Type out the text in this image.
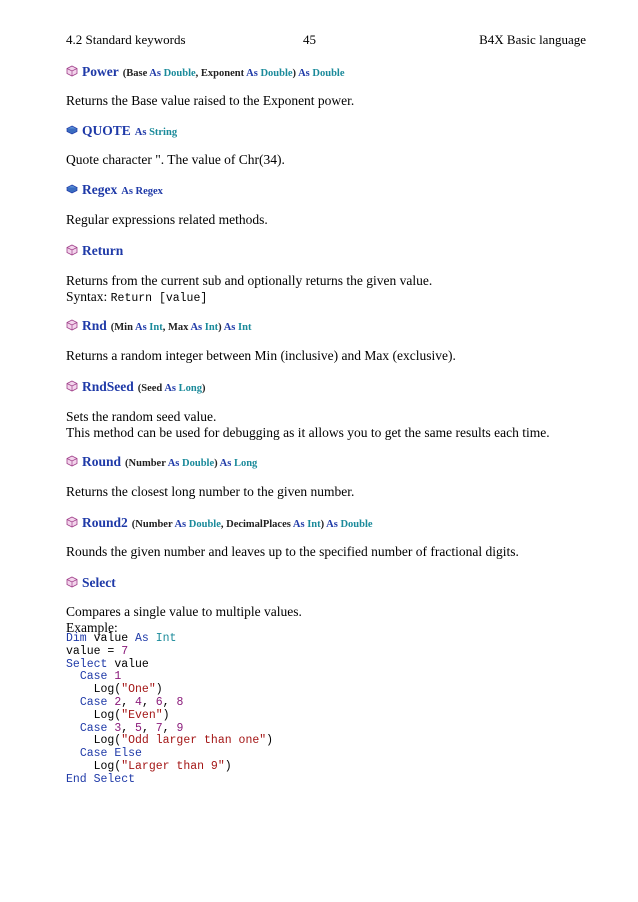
4.2 Standard keywords	45	B4X Basic language
Power (Base As Double, Exponent As Double) As Double
Returns the Base value raised to the Exponent power.
QUOTE As String
Quote character ". The value of Chr(34).
Regex As Regex
Regular expressions related methods.
Return
Returns from the current sub and optionally returns the given value.
Syntax: Return [value]
Rnd (Min As Int, Max As Int) As Int
Returns a random integer between Min (inclusive) and Max (exclusive).
RndSeed (Seed As Long)
Sets the random seed value.
This method can be used for debugging as it allows you to get the same results each time.
Round (Number As Double) As Long
Returns the closest long number to the given number.
Round2 (Number As Double, DecimalPlaces As Int) As Double
Rounds the given number and leaves up to the specified number of fractional digits.
Select
Compares a single value to multiple values.
Example:
Dim value As Int
value = 7
Select value
Case 1
Log("One")
Case 2, 4, 6, 8
Log("Even")
Case 3, 5, 7, 9
Log("Odd larger than one")
Case Else
Log("Larger than 9")
End Select
